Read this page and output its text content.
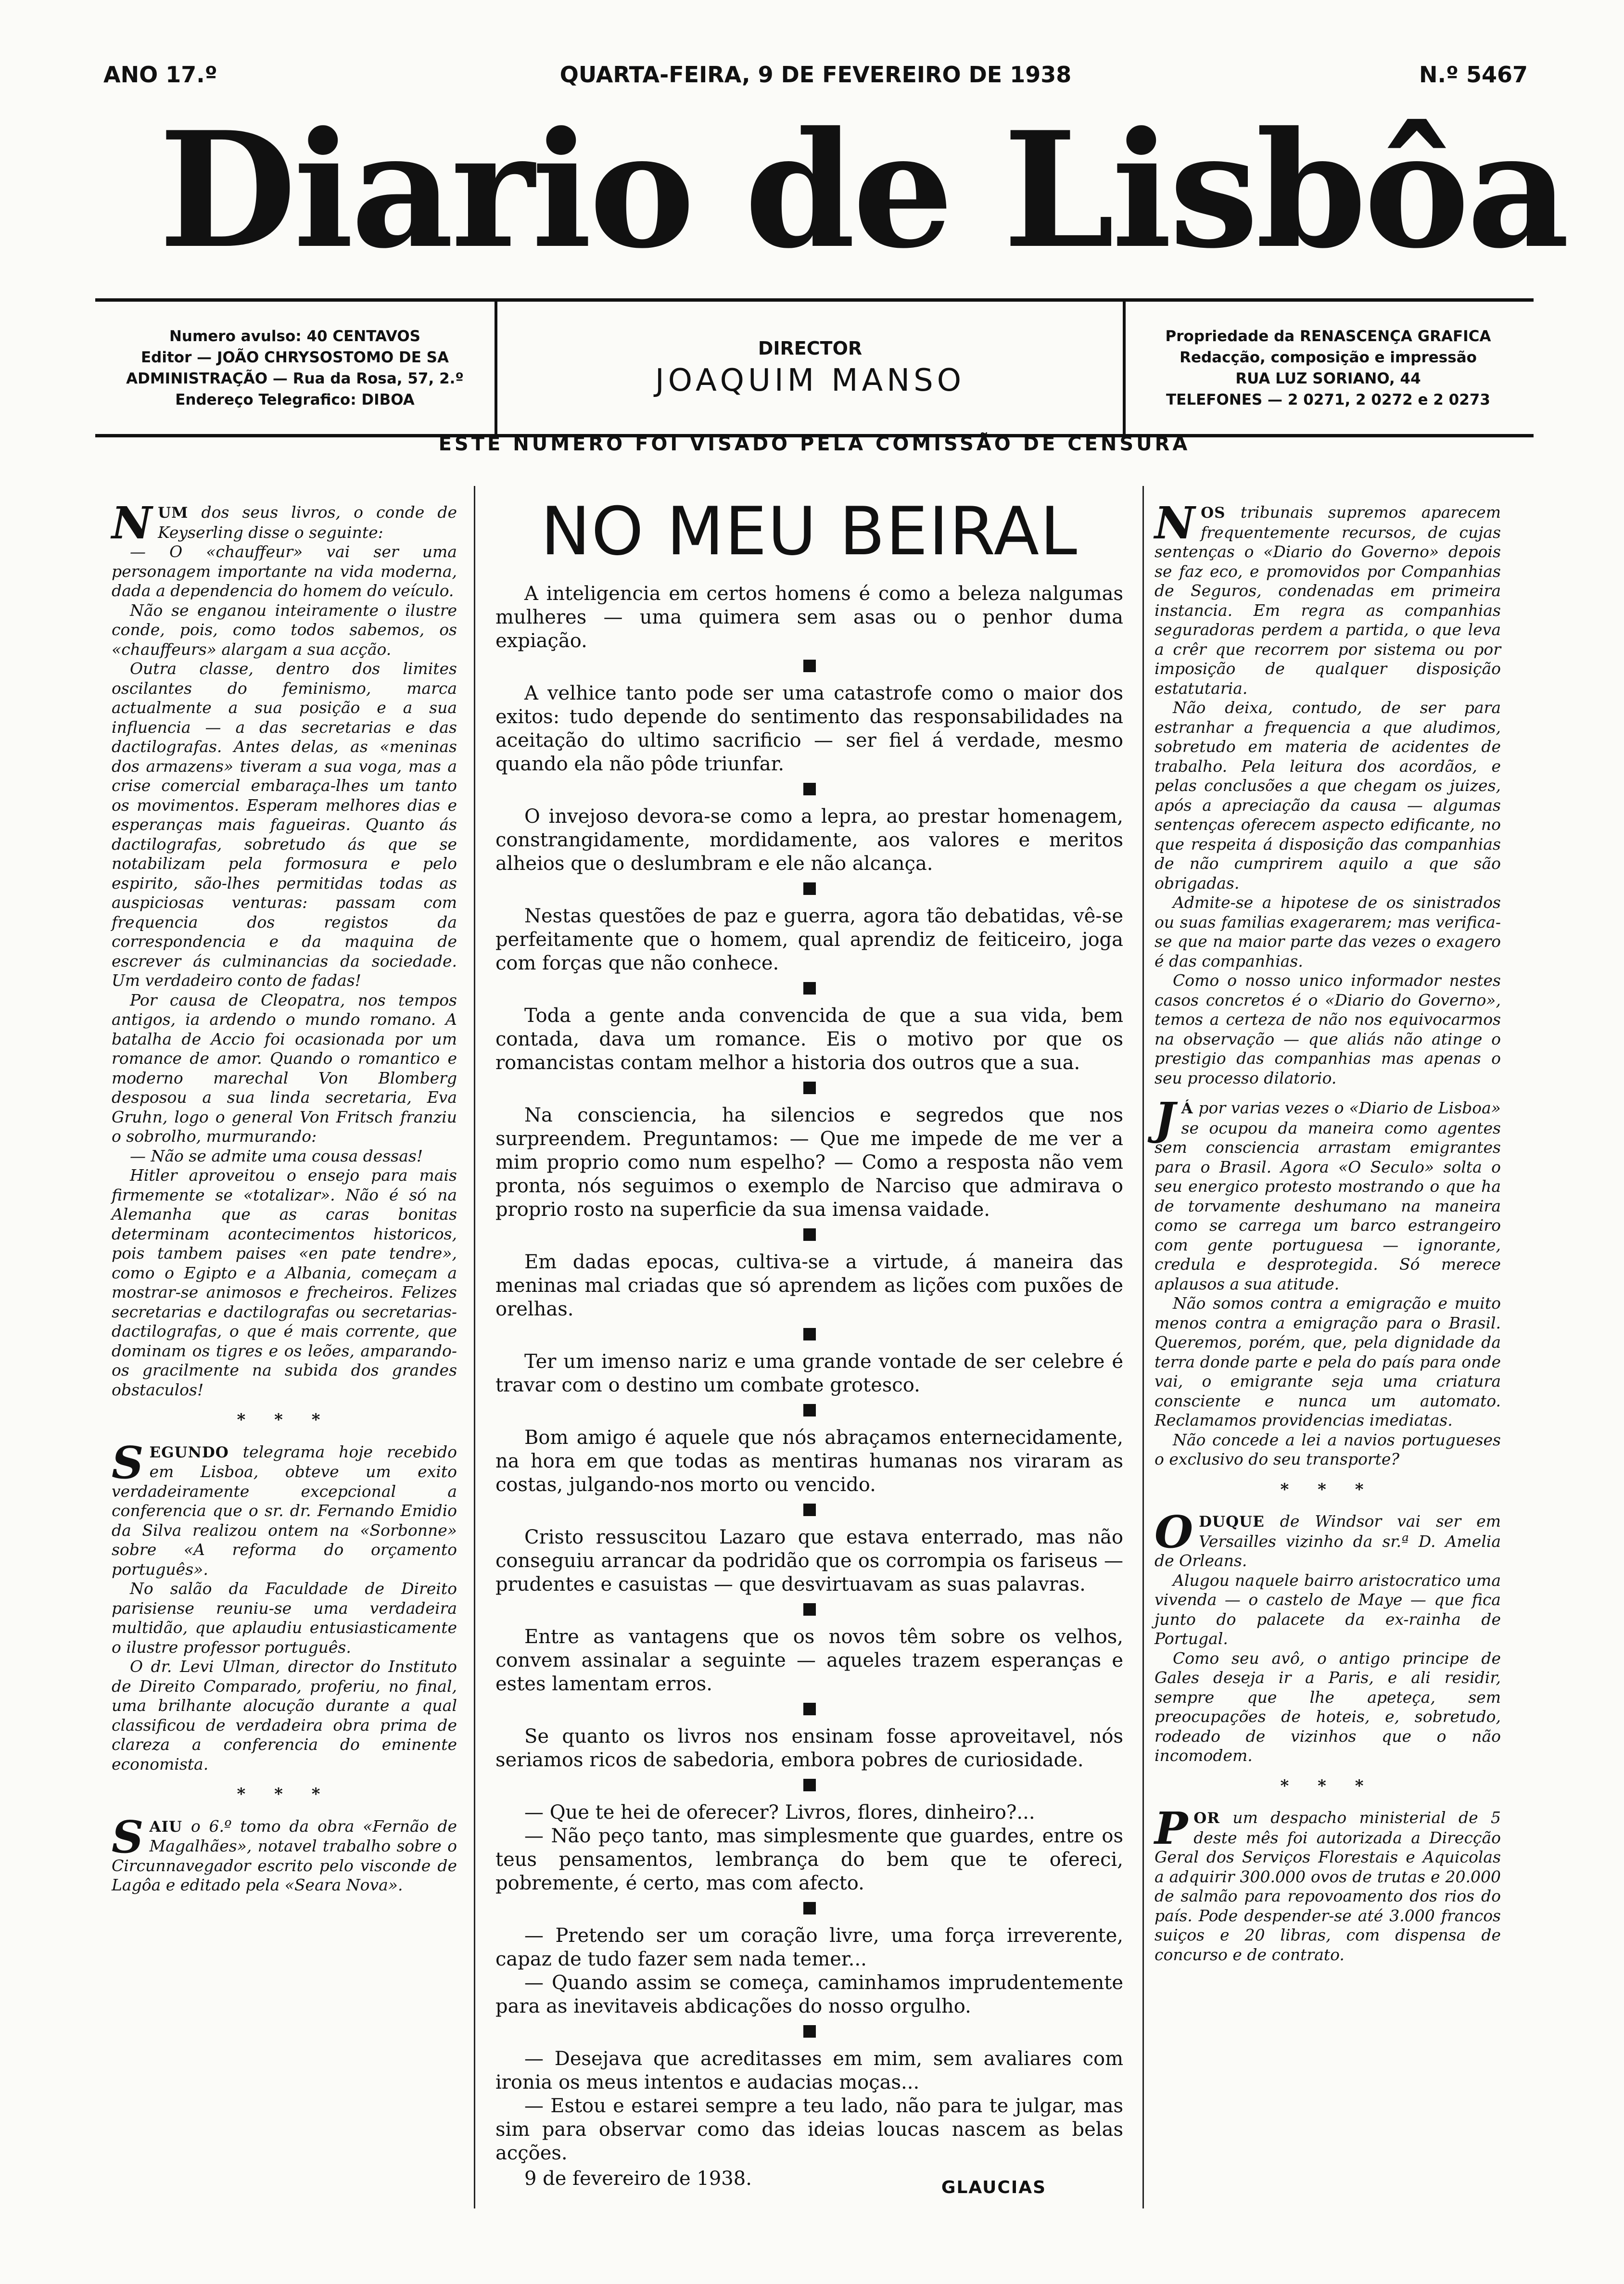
ANO 17.º	QUARTA-FEIRA, 9 DE FEVEREIRO DE 1938	N.º 5467
Diario de Lisbôa
Numero avulso: 40 CENTAVOS
Editor — JOÃO CHRYSOSTOMO DE SA
ADMINISTRAÇÃO — Rua da Rosa, 57, 2.º
Endereço Telegrafico: DIBOA
DIRECTOR
JOAQUIM MANSO
Propriedade da RENASCENÇA GRAFICA
Redacção, composição e impressão
RUA LUZ SORIANO, 44
TELEFONES — 2 0271, 2 0272 e 2 0273
ESTE NUMERO FOI VISADO PELA COMISSÃO DE CENSURA

NUM dos seus livros, o conde de Keyserling disse o seguinte:

— O «chauffeur» vai ser uma personagem importante na vida moderna, dada a dependencia do homem do veículo.

Não se enganou inteiramente o ilustre conde, pois, como todos sabemos, os «chauffeurs» alargam a sua acção.

Outra classe, dentro dos limites oscilantes do feminismo, marca actualmente a sua posição e a sua influencia — a das secretarias e das dactilografas. Antes delas, as «meninas dos armazens» tiveram a sua voga, mas a crise comercial embaraça-lhes um tanto os movimentos. Esperam melhores dias e esperanças mais fagueiras. Quanto ás dactilografas, sobretudo ás que se notabilizam pela formosura e pelo espirito, são-lhes permitidas todas as auspiciosas venturas: passam com frequencia dos registos da correspondencia e da maquina de escrever ás culminancias da sociedade. Um verdadeiro conto de fadas!

Por causa de Cleopatra, nos tempos antigos, ia ardendo o mundo romano. A batalha de Accio foi ocasionada por um romance de amor. Quando o romantico e moderno marechal Von Blomberg desposou a sua linda secretaria, Eva Gruhn, logo o general Von Fritsch franziu o sobrolho, murmurando:

— Não se admite uma cousa dessas!

Hitler aproveitou o ensejo para mais firmemente se «totalizar». Não é só na Alemanha que as caras bonitas determinam acontecimentos historicos, pois tambem paises «en pate tendre», como o Egipto e a Albania, começam a mostrar-se animosos e frecheiros. Felizes secretarias e dactilografas ou secretarias-dactilografas, o que é mais corrente, que dominam os tigres e os leões, amparando-os gracilmente na subida dos grandes obstaculos!

* * *

SEGUNDO telegrama hoje recebido em Lisboa, obteve um exito verdadeiramente excepcional a conferencia que o sr. dr. Fernando Emidio da Silva realizou ontem na «Sorbonne» sobre «A reforma do orçamento português».

No salão da Faculdade de Direito parisiense reuniu-se uma verdadeira multidão, que aplaudiu entusiasticamente o ilustre professor português.

O dr. Levi Ulman, director do Instituto de Direito Comparado, proferiu, no final, uma brilhante alocução durante a qual classificou de verdadeira obra prima de clareza a conferencia do eminente economista.

* * *

SAIU o 6.º tomo da obra «Fernão de Magalhães», notavel trabalho sobre o Circunnavegador escrito pelo visconde de Lagôa e editado pela «Seara Nova».

NO MEU BEIRAL

A inteligencia em certos homens é como a beleza nalgumas mulheres — uma quimera sem asas ou o penhor duma expiação.

A velhice tanto pode ser uma catastrofe como o maior dos exitos: tudo depende do sentimento das responsabilidades na aceitação do ultimo sacrificio — ser fiel á verdade, mesmo quando ela não pôde triunfar.

O invejoso devora-se como a lepra, ao prestar homenagem, constrangidamente, mordidamente, aos valores e meritos alheios que o deslumbram e ele não alcança.

Nestas questões de paz e guerra, agora tão debatidas, vê-se perfeitamente que o homem, qual aprendiz de feiticeiro, joga com forças que não conhece.

Toda a gente anda convencida de que a sua vida, bem contada, dava um romance. Eis o motivo por que os romancistas contam melhor a historia dos outros que a sua.

Na consciencia, ha silencios e segredos que nos surpreendem. Preguntamos: — Que me impede de me ver a mim proprio como num espelho? — Como a resposta não vem pronta, nós seguimos o exemplo de Narciso que admirava o proprio rosto na superficie da sua imensa vaidade.

Em dadas epocas, cultiva-se a virtude, á maneira das meninas mal criadas que só aprendem as lições com puxões de orelhas.

Ter um imenso nariz e uma grande vontade de ser celebre é travar com o destino um combate grotesco.

Bom amigo é aquele que nós abraçamos enternecidamente, na hora em que todas as mentiras humanas nos viraram as costas, julgando-nos morto ou vencido.

Cristo ressuscitou Lazaro que estava enterrado, mas não conseguiu arrancar da podridão que os corrompia os fariseus — prudentes e casuistas — que desvirtuavam as suas palavras.

Entre as vantagens que os novos têm sobre os velhos, convem assinalar a seguinte — aqueles trazem esperanças e estes lamentam erros.

Se quanto os livros nos ensinam fosse aproveitavel, nós seriamos ricos de sabedoria, embora pobres de curiosidade.

— Que te hei de oferecer? Livros, flores, dinheiro?...

— Não peço tanto, mas simplesmente que guardes, entre os teus pensamentos, lembrança do bem que te ofereci, pobremente, é certo, mas com afecto.

— Pretendo ser um coração livre, uma força irreverente, capaz de tudo fazer sem nada temer...

— Quando assim se começa, caminhamos imprudentemente para as inevitaveis abdicações do nosso orgulho.

— Desejava que acreditasses em mim, sem avaliares com ironia os meus intentos e audacias moças...

— Estou e estarei sempre a teu lado, não para te julgar, mas sim para observar como das ideias loucas nascem as belas acções.

9 de fevereiro de 1938.	GLAUCIAS

NOS tribunais supremos aparecem frequentemente recursos, de cujas sentenças o «Diario do Governo» depois se faz eco, e promovidos por Companhias de Seguros, condenadas em primeira instancia. Em regra as companhias seguradoras perdem a partida, o que leva a crêr que recorrem por sistema ou por imposição de qualquer disposição estatutaria.

Não deixa, contudo, de ser para estranhar a frequencia a que aludimos, sobretudo em materia de acidentes de trabalho. Pela leitura dos acordãos, e pelas conclusões a que chegam os juizes, após a apreciação da causa — algumas sentenças oferecem aspecto edificante, no que respeita á disposição das companhias de não cumprirem aquilo a que são obrigadas.

Admite-se a hipotese de os sinistrados ou suas familias exagerarem; mas verifica-se que na maior parte das vezes o exagero é das companhias.

Como o nosso unico informador nestes casos concretos é o «Diario do Governo», temos a certeza de não nos equivocarmos na observação — que aliás não atinge o prestigio das companhias mas apenas o seu processo dilatorio.

J Á por varias vezes o «Diario de Lisboa» se ocupou da maneira como agentes sem consciencia arrastam emigrantes para o Brasil. Agora «O Seculo» solta o seu energico protesto mostrando o que ha de torvamente deshumano na maneira como se carrega um barco estrangeiro com gente portuguesa — ignorante, credula e desprotegida. Só merece aplausos a sua atitude.

Não somos contra a emigração e muito menos contra a emigração para o Brasil. Queremos, porém, que, pela dignidade da terra donde parte e pela do país para onde vai, o emigrante seja uma criatura consciente e nunca um automato. Reclamamos providencias imediatas.

Não concede a lei a navios portugueses o exclusivo do seu transporte?

* * *

ODUQUE de Windsor vai ser em Versailles vizinho da sr.ª D. Amelia de Orleans.

Alugou naquele bairro aristocratico uma vivenda — o castelo de Maye — que fica junto do palacete da ex-rainha de Portugal.

Como seu avô, o antigo principe de Gales deseja ir a Paris, e ali residir, sempre que lhe apeteça, sem preocupações de hoteis, e, sobretudo, rodeado de vizinhos que o não incomodem.

* * *

POR um despacho ministerial de 5 deste mês foi autorizada a Direcção Geral dos Serviços Florestais e Aquicolas a adquirir 300.000 ovos de trutas e 20.000 de salmão para repovoamento dos rios do país. Pode despender-se até 3.000 francos suiços e 20 libras, com dispensa de concurso e de contrato.
